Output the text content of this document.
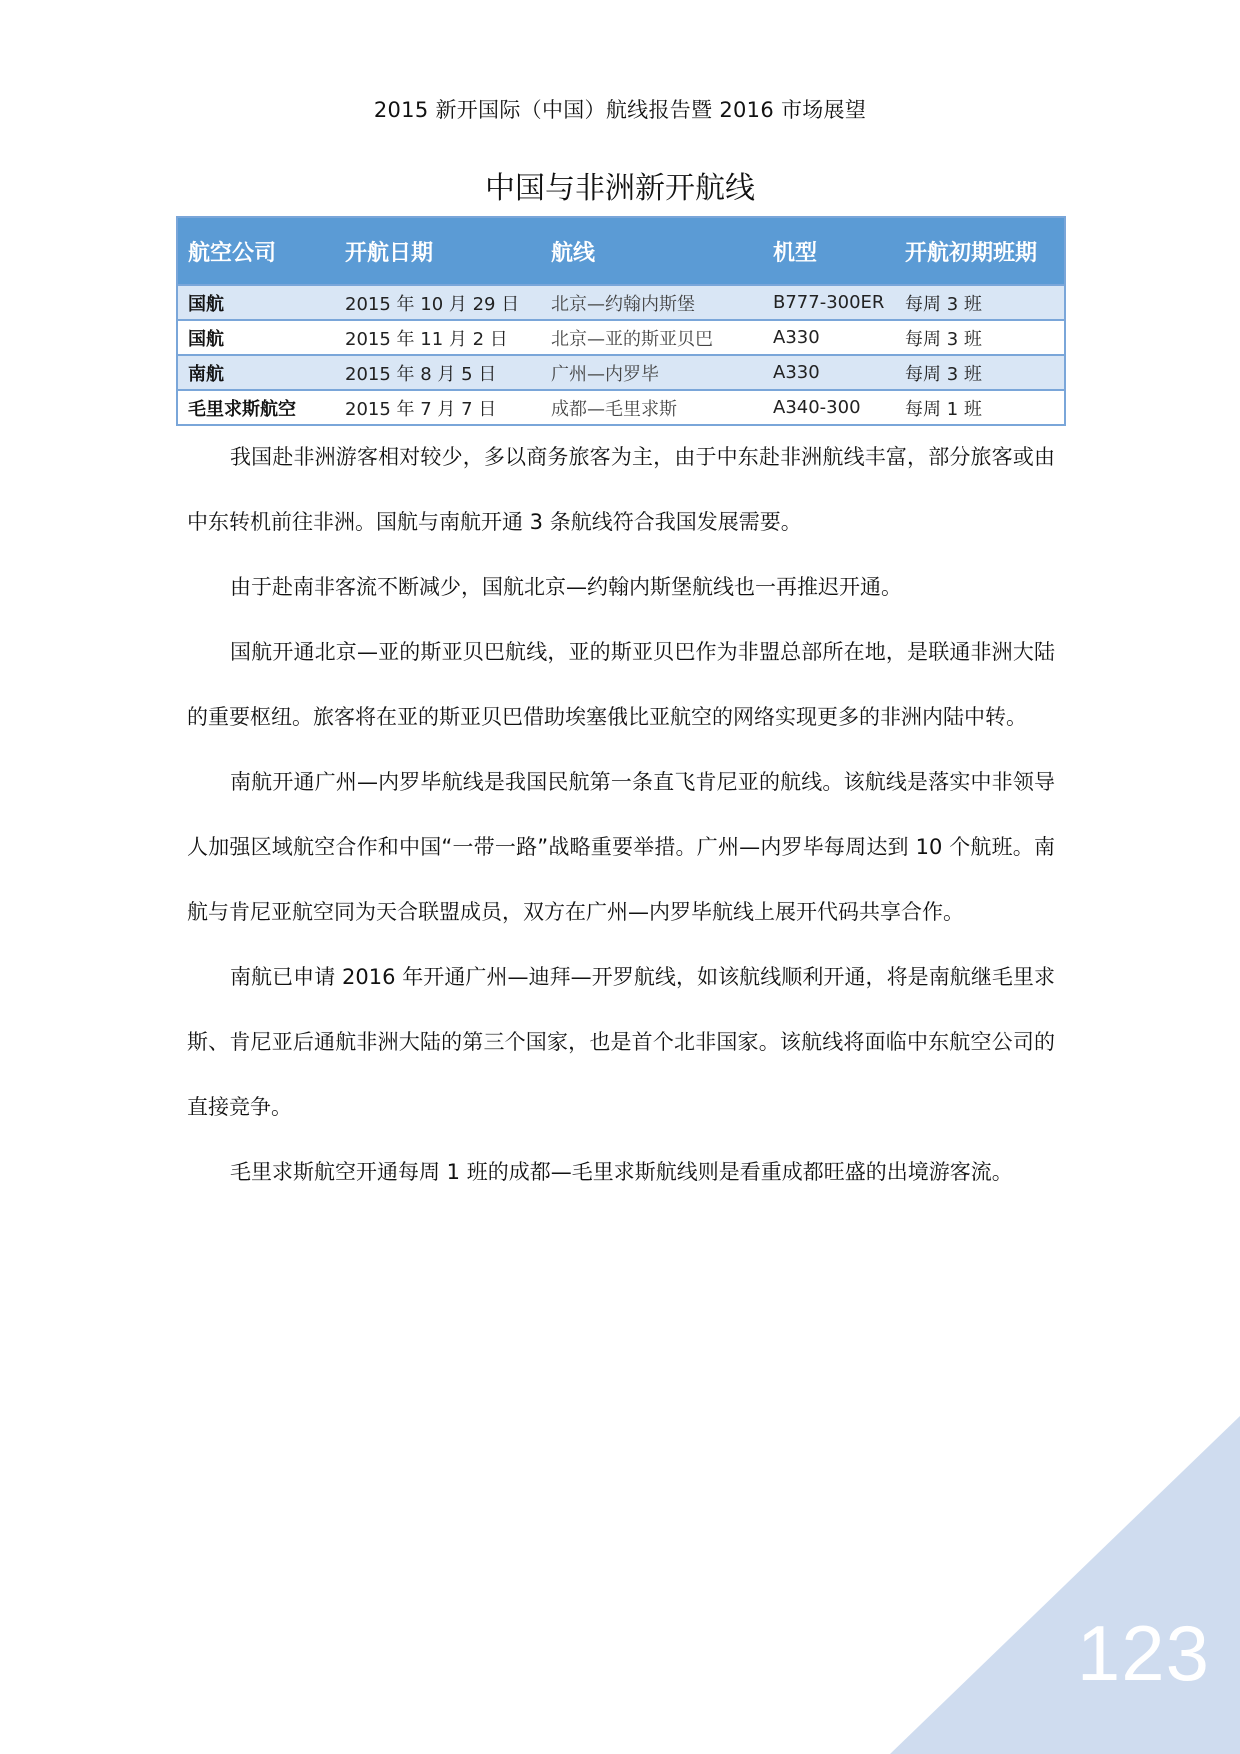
2015 新开国际（中国）航线报告暨 2016 市场展望
中国与非洲新开航线
航空公司	开航日期	航线	机型	开航初期班期
国航	2015 年 10 月 29 日	北京—约翰内斯堡	B777-300ER	每周 3 班
国航	2015 年 11 月 2 日	北京—亚的斯亚贝巴	A330	每周 3 班
南航	2015 年 8 月 5 日	广州—内罗毕	A330	每周 3 班
毛里求斯航空	2015 年 7 月 7 日	成都—毛里求斯	A340-300	每周 1 班

我国赴非洲游客相对较少，多以商务旅客为主，由于中东赴非洲航线丰富，部分旅客或由中东转机前往非洲。国航与南航开通 3 条航线符合我国发展需要。

由于赴南非客流不断减少，国航北京—约翰内斯堡航线也一再推迟开通。

国航开通北京—亚的斯亚贝巴航线，亚的斯亚贝巴作为非盟总部所在地，是联通非洲大陆的重要枢纽。旅客将在亚的斯亚贝巴借助埃塞俄比亚航空的网络实现更多的非洲内陆中转。

南航开通广州—内罗毕航线是我国民航第一条直飞肯尼亚的航线。该航线是落实中非领导人加强区域航空合作和中国“一带一路”战略重要举措。广州—内罗毕每周达到 10 个航班。南航与肯尼亚航空同为天合联盟成员，双方在广州—内罗毕航线上展开代码共享合作。

南航已申请 2016 年开通广州—迪拜—开罗航线，如该航线顺利开通，将是南航继毛里求斯、肯尼亚后通航非洲大陆的第三个国家，也是首个北非国家。该航线将面临中东航空公司的直接竞争。

毛里求斯航空开通每周 1 班的成都—毛里求斯航线则是看重成都旺盛的出境游客流。

123
